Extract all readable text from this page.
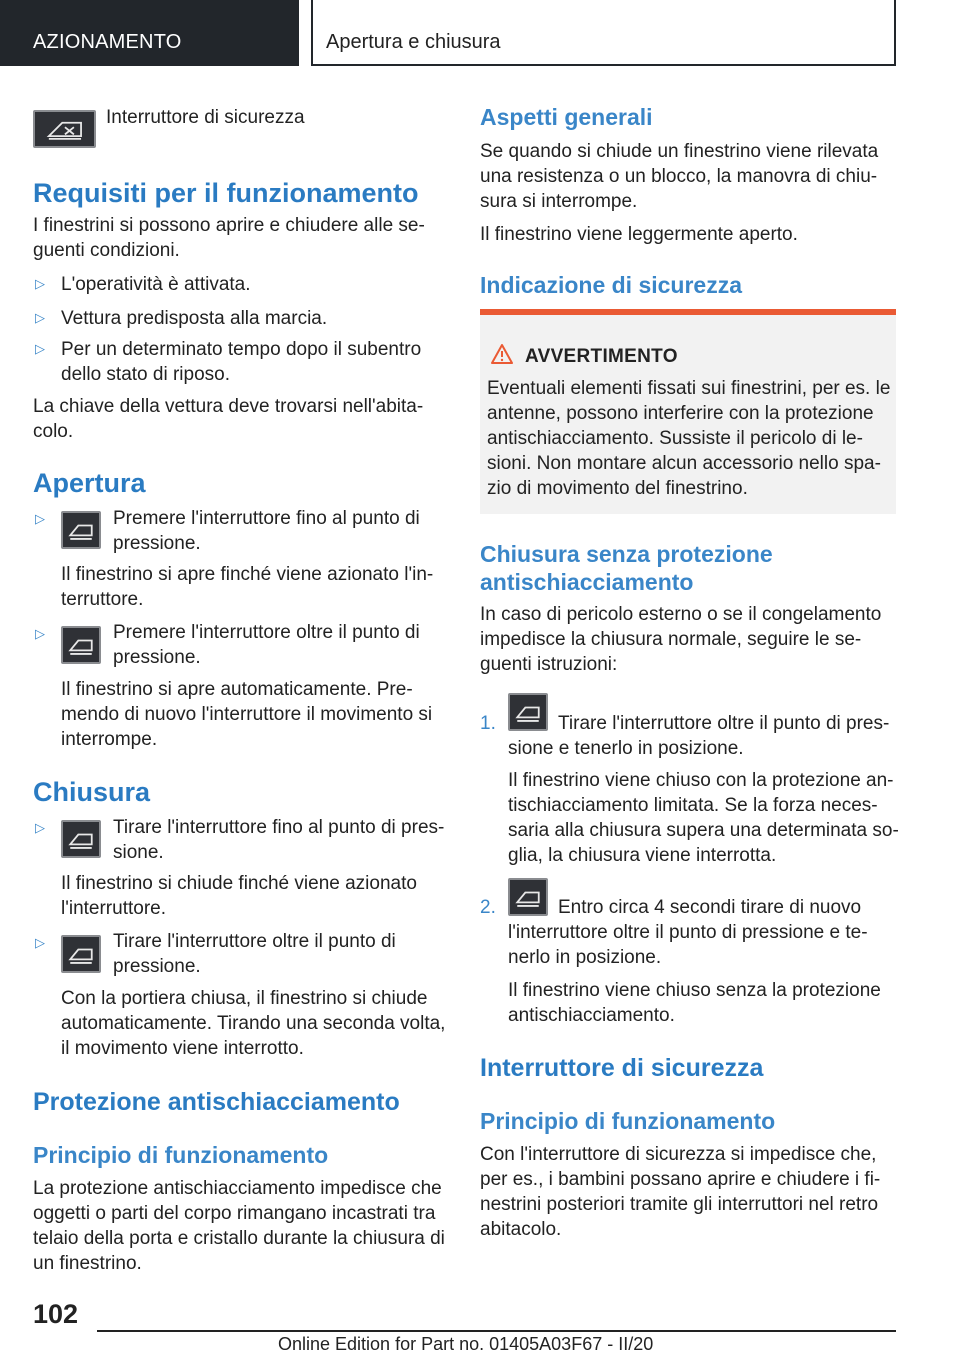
AZIONAMENTO	Apertura e chiusura
Interruttore di sicurezza
Requisiti per il funzionamento
I finestrini si possono aprire e chiudere alle se-
guenti condizioni.
▷ L'operatività è attivata.
▷ Vettura predisposta alla marcia.
▷ Per un determinato tempo dopo il subentro
dello stato di riposo.
La chiave della vettura deve trovarsi nell'abita-
colo.
Apertura
▷	Premere l'interruttore fino al punto di
pressione.
Il finestrino si apre finché viene azionato l'in-
terruttore.
▷	Premere l'interruttore oltre il punto di
pressione.
Il finestrino si apre automaticamente. Pre-
mendo di nuovo l'interruttore il movimento si
interrompe.
Chiusura
▷	Tirare l'interruttore fino al punto di pres-
sione.
Il finestrino si chiude finché viene azionato
l'interruttore.
▷	Tirare l'interruttore oltre il punto di
pressione.
Con la portiera chiusa, il finestrino si chiude
automaticamente. Tirando una seconda volta,
il movimento viene interrotto.
Protezione antischiacciamento
Principio di funzionamento
La protezione antischiacciamento impedisce che
oggetti o parti del corpo rimangano incastrati tra
telaio della porta e cristallo durante la chiusura di
un finestrino.
Aspetti generali
Se quando si chiude un finestrino viene rilevata
una resistenza o un blocco, la manovra di chiu-
sura si interrompe.
Il finestrino viene leggermente aperto.
Indicazione di sicurezza
AVVERTIMENTO
Eventuali elementi fissati sui finestrini, per es. le
antenne, possono interferire con la protezione
antischiacciamento. Sussiste il pericolo di le-
sioni. Non montare alcun accessorio nello spa-
zio di movimento del finestrino.
Chiusura senza protezione
antischiacciamento
In caso di pericolo esterno o se il congelamento
impedisce la chiusura normale, seguire le se-
guenti istruzioni:
1.	Tirare l'interruttore oltre il punto di pres-
sione e tenerlo in posizione.
Il finestrino viene chiuso con la protezione an-
tischiacciamento limitata. Se la forza neces-
saria alla chiusura supera una determinata so-
glia, la chiusura viene interrotta.
2.	Entro circa 4 secondi tirare di nuovo
l'interruttore oltre il punto di pressione e te-
nerlo in posizione.
Il finestrino viene chiuso senza la protezione
antischiacciamento.
Interruttore di sicurezza
Principio di funzionamento
Con l'interruttore di sicurezza si impedisce che,
per es., i bambini possano aprire e chiudere i fi-
nestrini posteriori tramite gli interruttori nel retro
abitacolo.
102
Online Edition for Part no. 01405A03F67 - II/20
